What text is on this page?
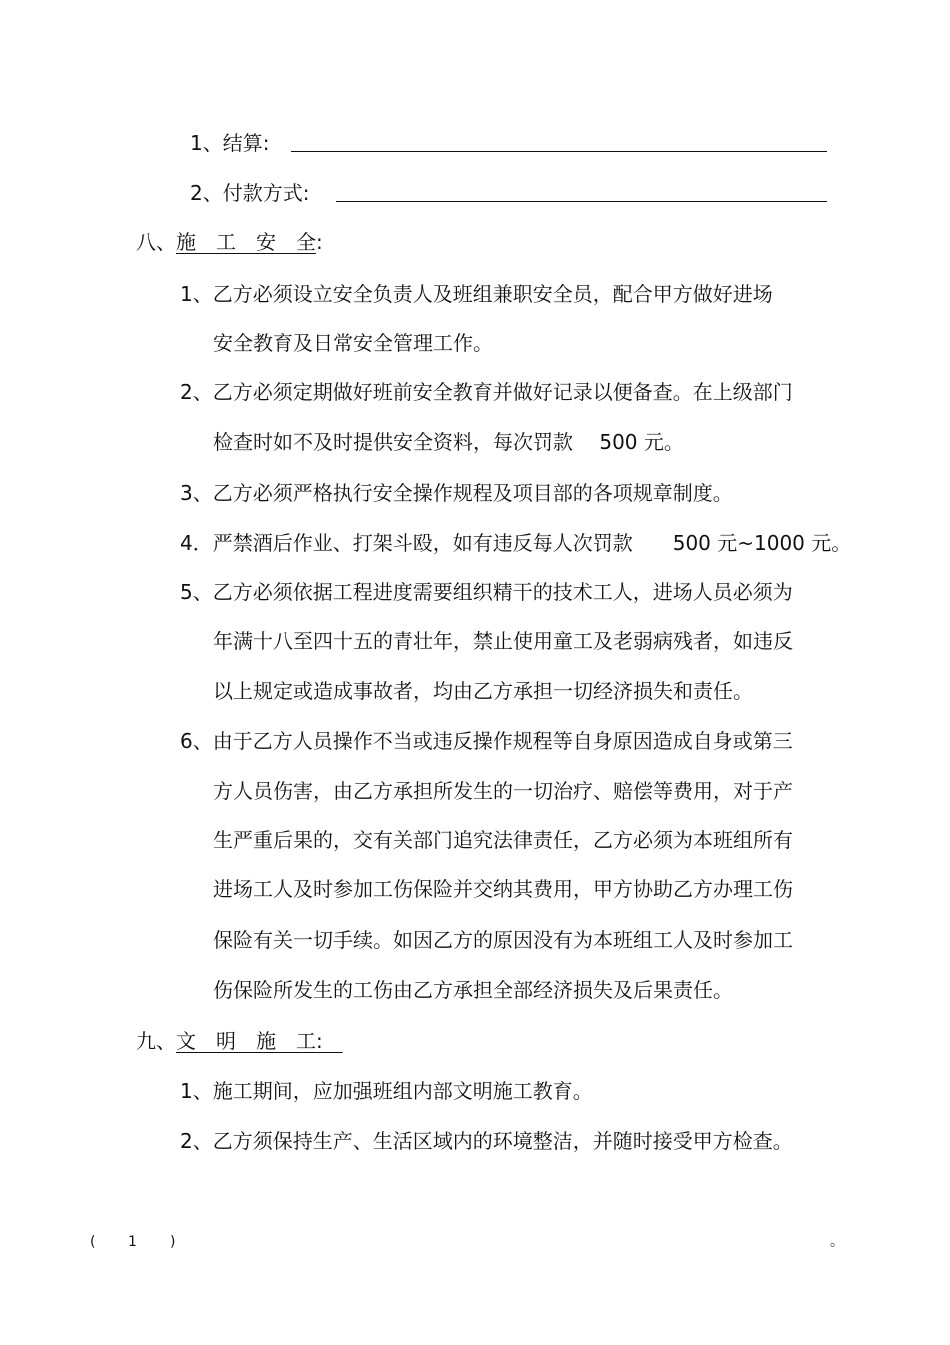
1、结算:
2、付款方式:
八、施　工　安　全:
1、乙方必须设立安全负责人及班组兼职安全员，配合甲方做好进场
安全教育及日常安全管理工作。
2、乙方必须定期做好班前安全教育并做好记录以便备查。在上级部门
检查时如不及时提供安全资料，每次罚款　 500 元。
3、乙方必须严格执行安全操作规程及项目部的各项规章制度。
4．严禁酒后作业、打架斗殴，如有违反每人次罚款　　500 元~1000 元。
5、乙方必须依据工程进度需要组织精干的技术工人，进场人员必须为
年满十八至四十五的青壮年，禁止使用童工及老弱病残者，如违反
以上规定或造成事故者，均由乙方承担一切经济损失和责任。
6、由于乙方人员操作不当或违反操作规程等自身原因造成自身或第三
方人员伤害，由乙方承担所发生的一切治疗、赔偿等费用，对于产
生严重后果的，交有关部门追究法律责任，乙方必须为本班组所有
进场工人及时参加工伤保险并交纳其费用，甲方协助乙方办理工伤
保险有关一切手续。如因乙方的原因没有为本班组工人及时参加工
伤保险所发生的工伤由乙方承担全部经济损失及后果责任。
九、文　明　施　工:　
1、施工期间，应加强班组内部文明施工教育。
2、乙方须保持生产、生活区域内的环境整洁，并随时接受甲方检查。
( 1 )	。
